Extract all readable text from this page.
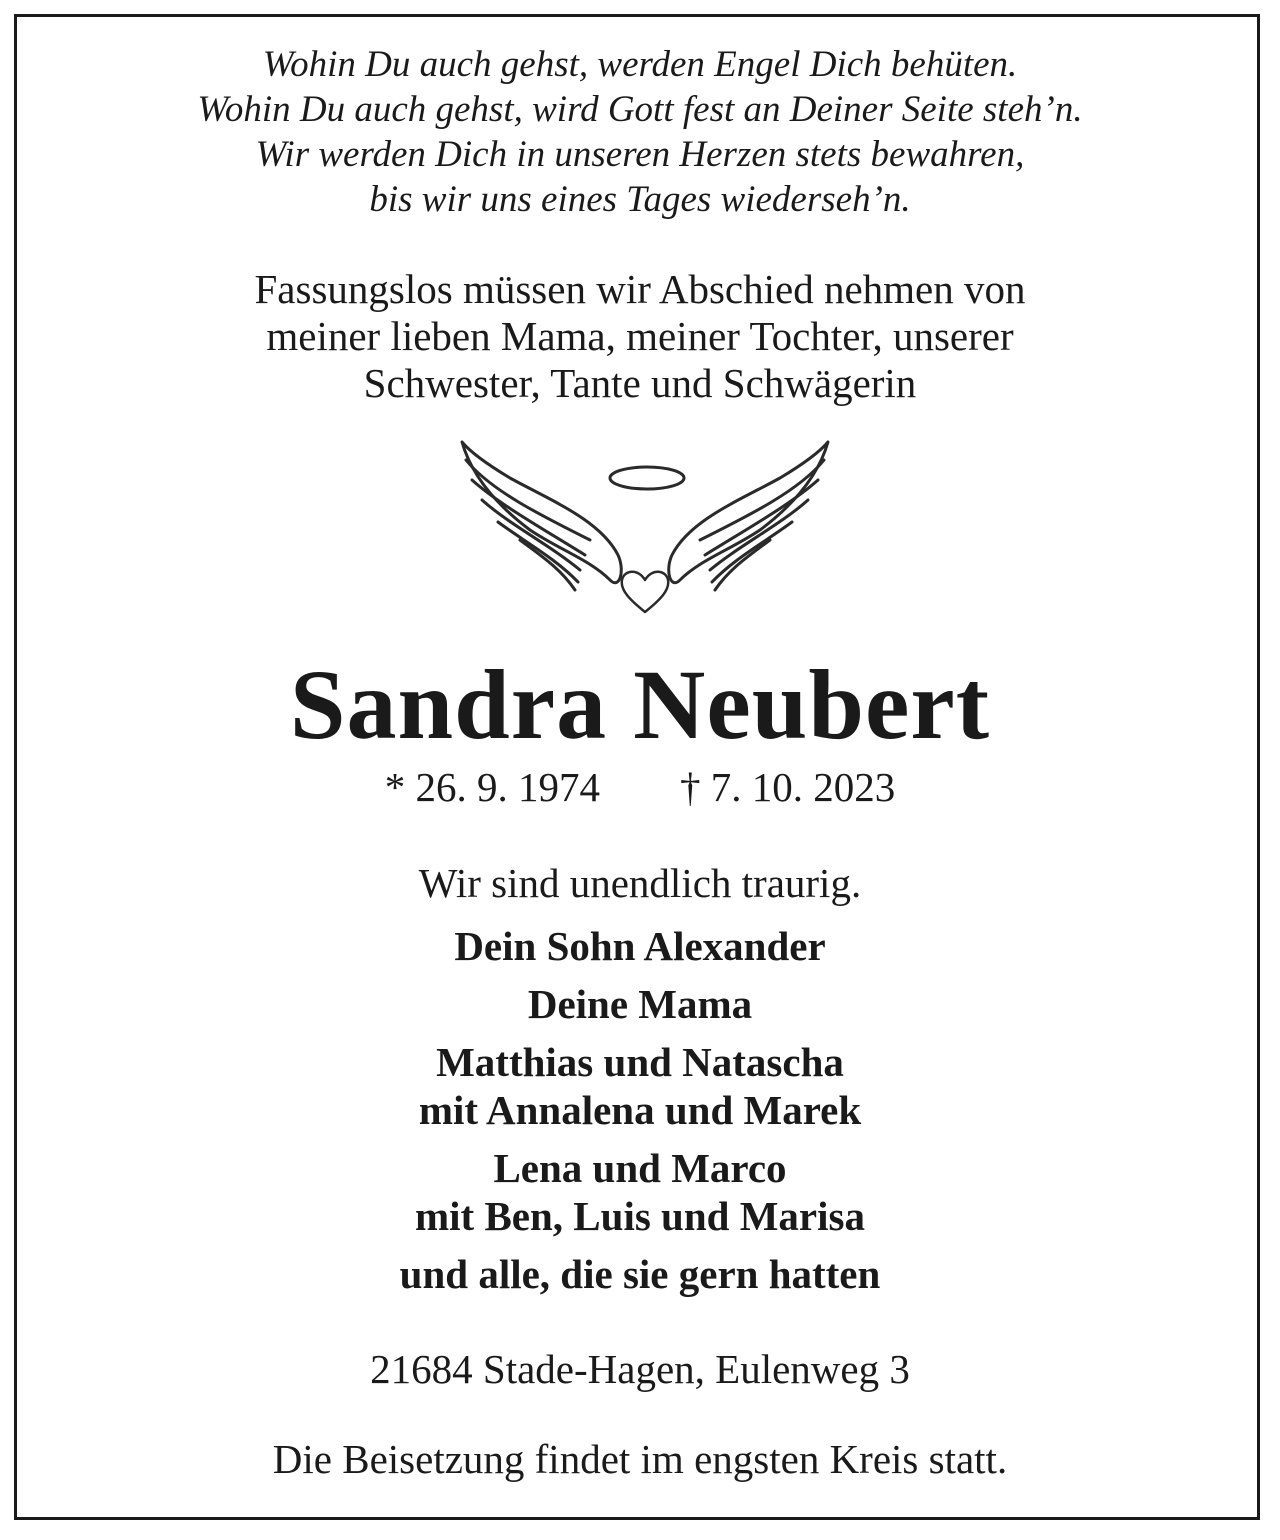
Wohin Du auch gehst, werden Engel Dich behüten.
Wohin Du auch gehst, wird Gott fest an Deiner Seite steh’n.
Wir werden Dich in unseren Herzen stets bewahren,
bis wir uns eines Tages wiederseh’n.
Fassungslos müssen wir Abschied nehmen von
meiner lieben Mama, meiner Tochter, unserer
Schwester, Tante und Schwägerin
Sandra Neubert
* 26. 9. 1974 † 7. 10. 2023
Wir sind unendlich traurig.
Dein Sohn Alexander
Deine Mama
Matthias und Natascha
mit Annalena und Marek
Lena und Marco
mit Ben, Luis und Marisa
und alle, die sie gern hatten
21684 Stade-Hagen, Eulenweg 3
Die Beisetzung findet im engsten Kreis statt.
